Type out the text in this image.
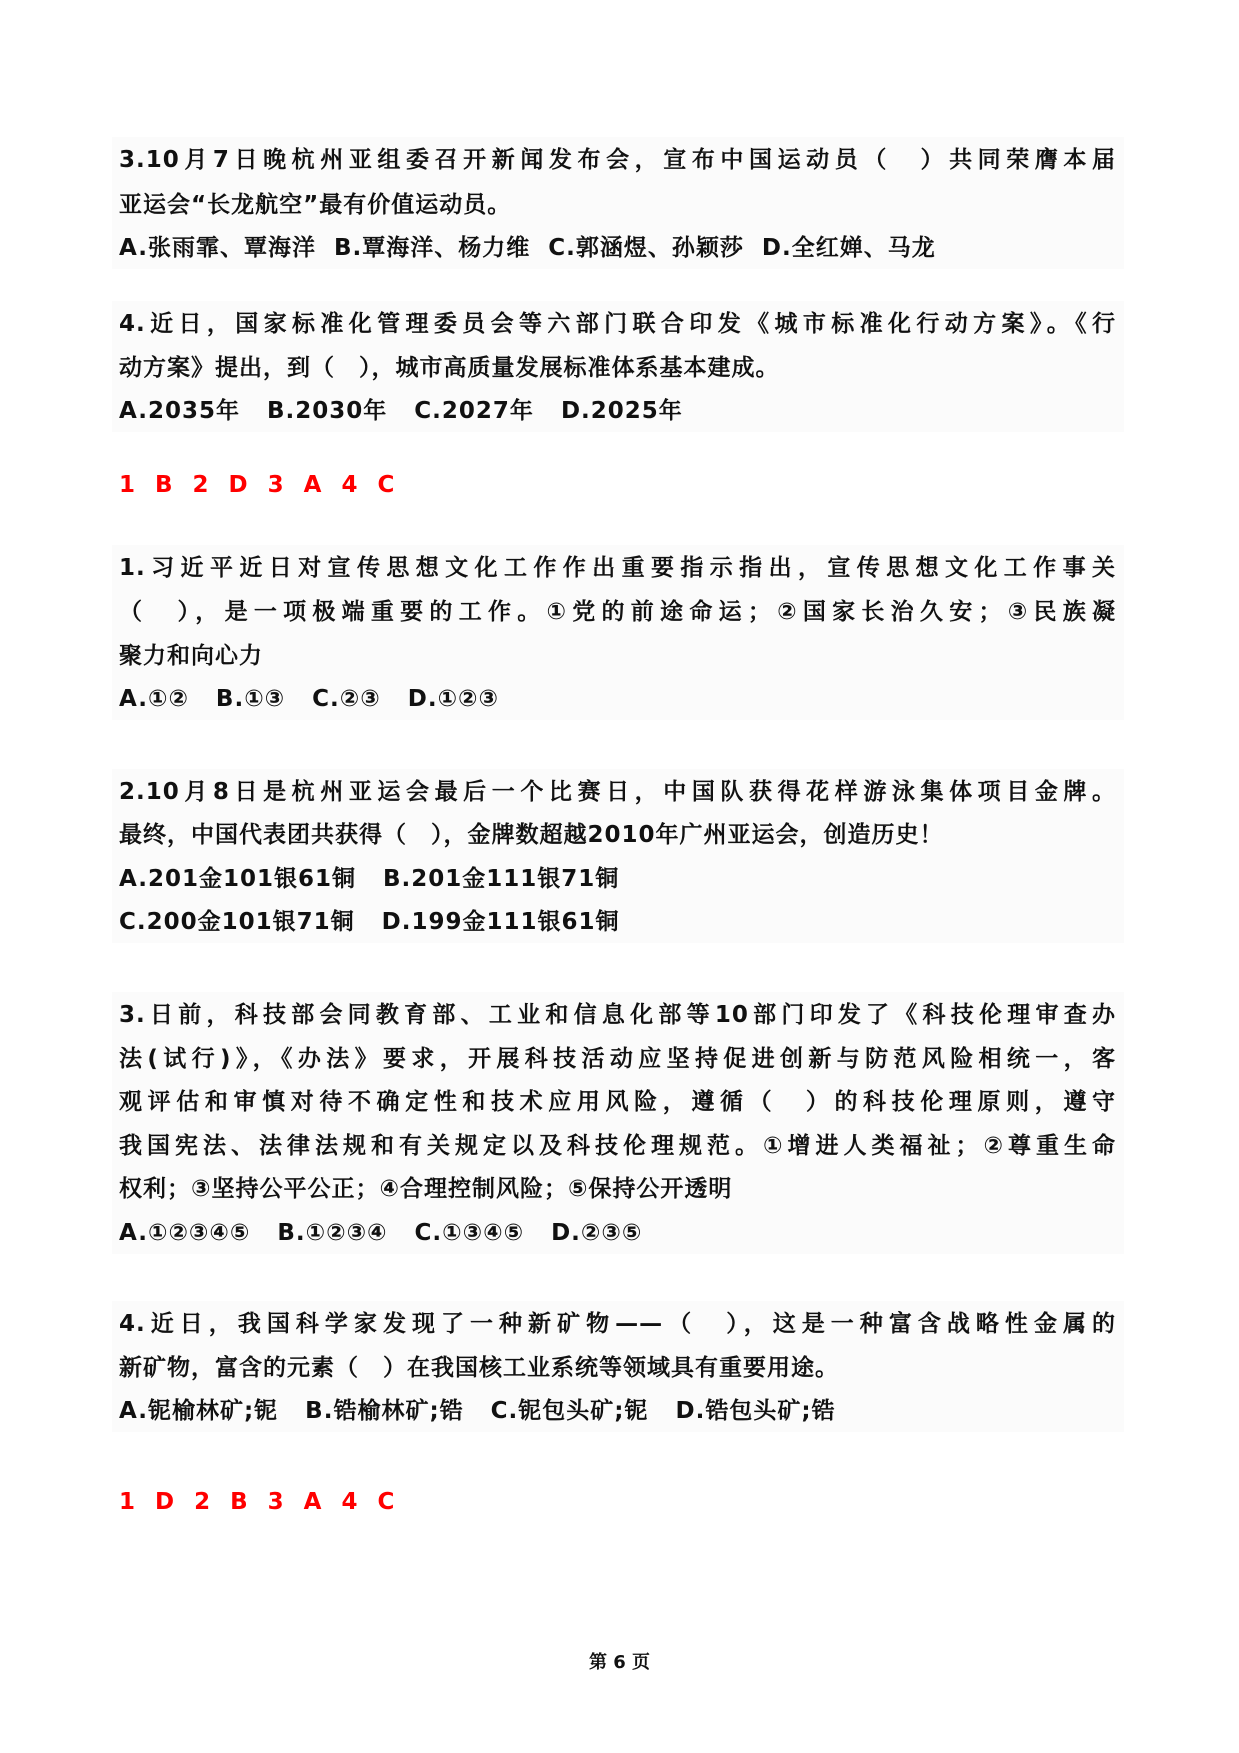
3.10月7日晚杭州亚组委召开新闻发布会，宣布中国运动员（　）共同荣膺本届
亚运会“长龙航空”最有价值运动员。
A.张雨霏、覃海洋  B.覃海洋、杨力维  C.郭涵煜、孙颖莎  D.全红婵、马龙
4.近日，国家标准化管理委员会等六部门联合印发《城市标准化行动方案》。《行
动方案》提出，到（　），城市高质量发展标准体系基本建成。
A.2035年   B.2030年   C.2027年   D.2025年
1 B 2 D 3 A 4 C
1.习近平近日对宣传思想文化工作作出重要指示指出，宣传思想文化工作事关
（　），是一项极端重要的工作。①党的前途命运；②国家长治久安；③民族凝
聚力和向心力
A.①②   B.①③   C.②③   D.①②③
2.10月8日是杭州亚运会最后一个比赛日，中国队获得花样游泳集体项目金牌。
最终，中国代表团共获得（　），金牌数超越2010年广州亚运会，创造历史！
A.201金101银61铜   B.201金111银71铜
C.200金101银71铜   D.199金111银61铜
3.日前，科技部会同教育部、工业和信息化部等10部门印发了《科技伦理审查办
法(试行)》，《办法》要求，开展科技活动应坚持促进创新与防范风险相统一，客
观评估和审慎对待不确定性和技术应用风险，遵循（　）的科技伦理原则，遵守
我国宪法、法律法规和有关规定以及科技伦理规范。①增进人类福祉；②尊重生命
权利；③坚持公平公正；④合理控制风险；⑤保持公开透明
A.①②③④⑤   B.①②③④   C.①③④⑤   D.②③⑤
4.近日，我国科学家发现了一种新矿物——（　），这是一种富含战略性金属的
新矿物，富含的元素（　）在我国核工业系统等领域具有重要用途。
A.铌榆林矿;铌   B.锆榆林矿;锆   C.铌包头矿;铌   D.锆包头矿;锆
1 D 2 B 3 A 4 C
第 6 页
